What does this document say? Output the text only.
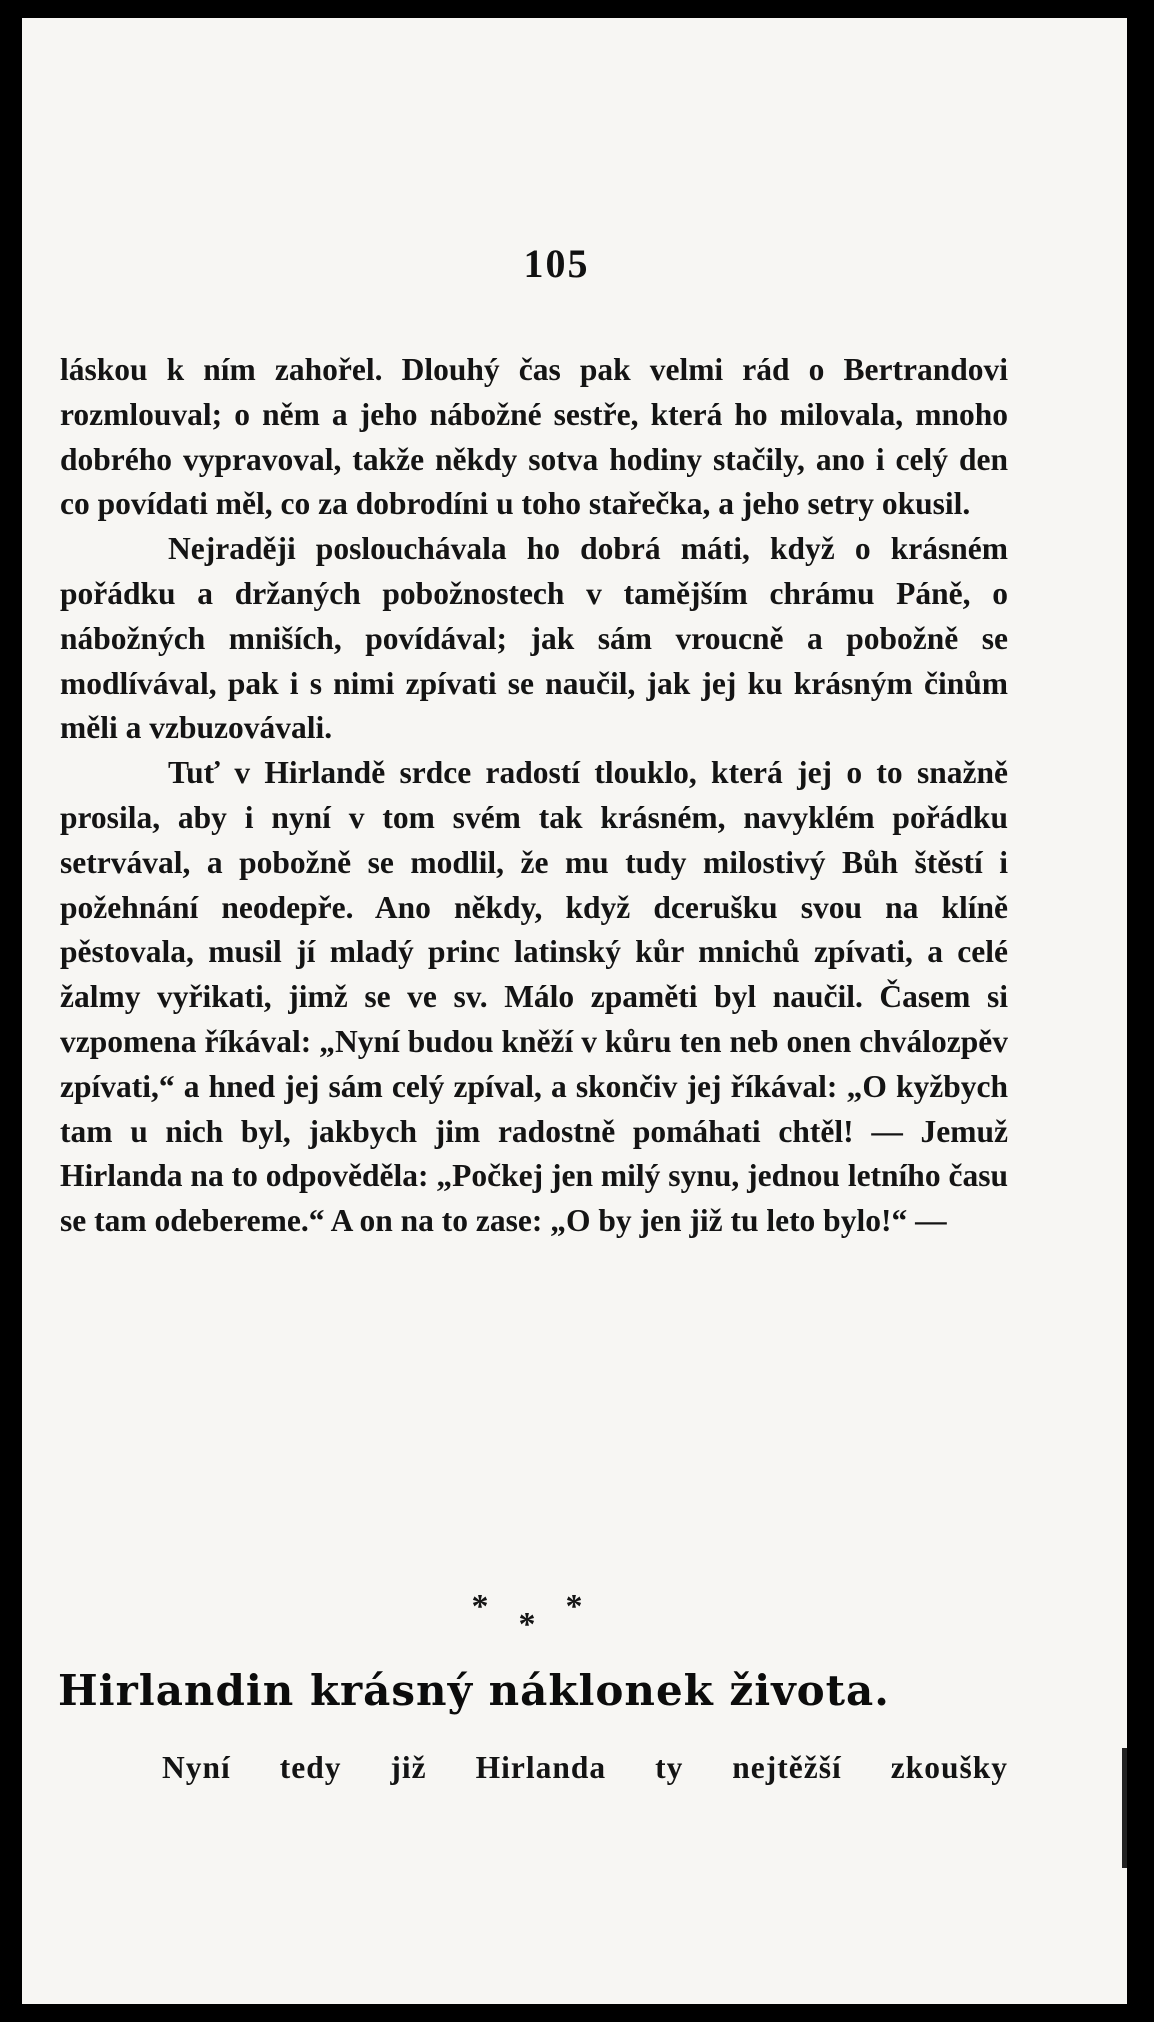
105

láskou k ním zahořel. Dlouhý čas pak velmi rád o Bertrandovi rozmlouval; o něm a jeho nábožné sestře, která ho milovala, mnoho dobrého vypravoval, takže někdy sotva hodiny stačily, ano i celý den co povídati měl, co za dobrodíni u toho stařečka, a jeho setry okusil.

Nejraději poslouchávala ho dobrá máti, když o krásném pořádku a držaných pobožnostech v tamějším chrámu Páně, o nábožných mniších, povídával; jak sám vroucně a pobožně se modlívával, pak i s nimi zpívati se naučil, jak jej ku krásným činům měli a vzbuzovávali.

Tuť v Hirlandě srdce radostí tlouklo, která jej o to snažně prosila, aby i nyní v tom svém tak krásném, navyklém pořádku setrvával, a pobožně se modlil, že mu tudy milostivý Bůh štěstí i požehnání neodepře. Ano někdy, když dcerušku svou na klíně pěstovala, musil jí mladý princ latinský kůr mnichů zpívati, a celé žalmy vyřikati, jimž se ve sv. Málo zpaměti byl naučil. Časem si vzpomena říkával: „Nyní budou kněží v kůru ten neb onen chválozpěv zpívati,“ a hned jej sám celý zpíval, a skončiv jej říkával: „O kyžbych tam u nich byl, jakbych jim radostně pomáhati chtěl! — Jemuž Hirlanda na to odpověděla: „Počkej jen milý synu, jednou letního času se tam odebereme.“ A on na to zase: „O by jen již tu leto bylo!“ —

***
Hirlandin krásný náklonek života.
Nyní tedy již Hirlanda ty nejtěžší zkoušky
